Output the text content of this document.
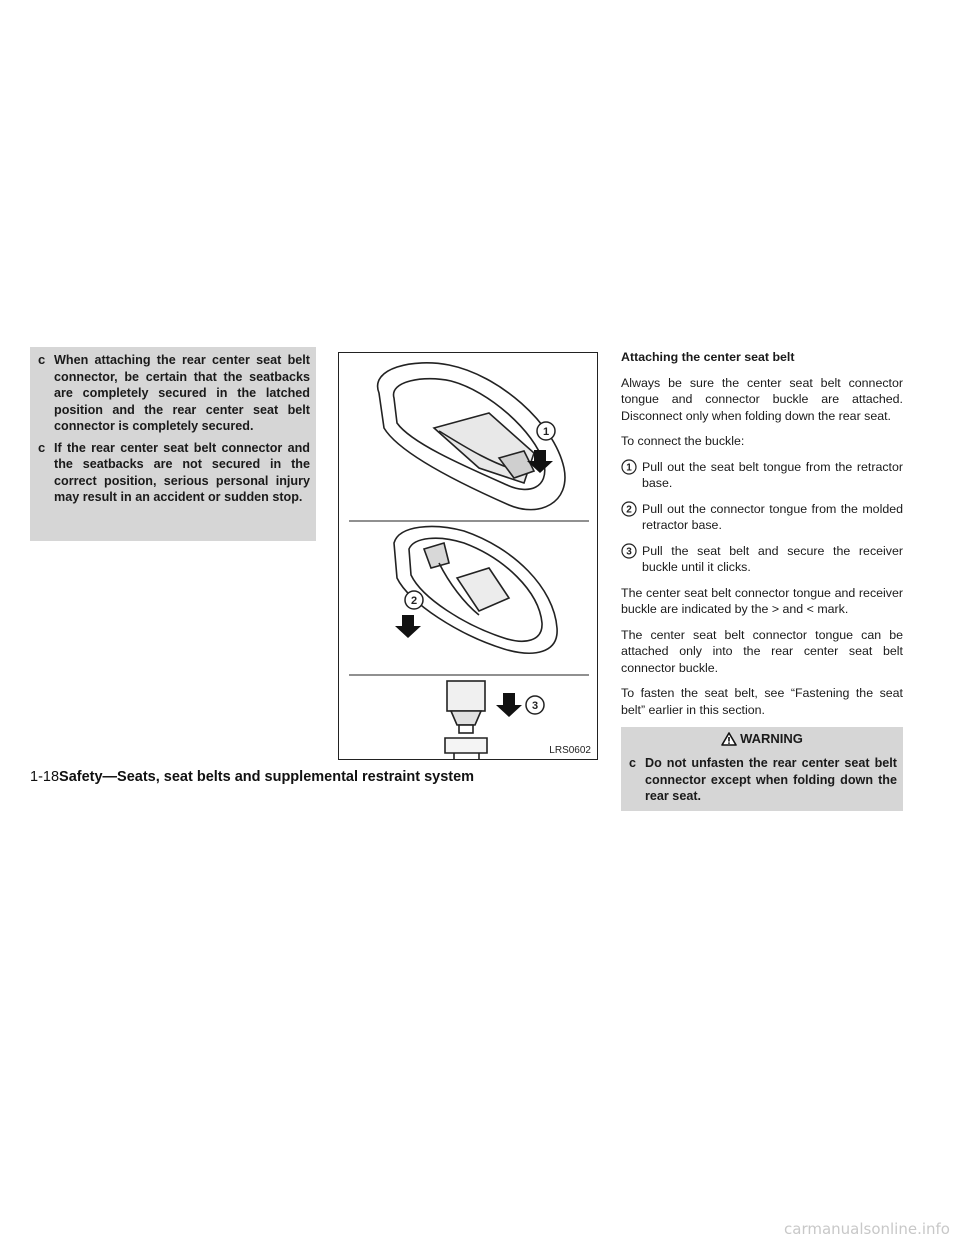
c When attaching the rear center seat belt connector, be certain that the seatbacks are completely secured in the latched position and the rear center seat belt connector is completely secured.
c If the rear center seat belt connector and the seatbacks are not secured in the correct position, serious personal injury may result in an accident or sudden stop.
1
2
3
LRS0602
Attaching the center seat belt
Always be sure the center seat belt connector tongue and connector buckle are attached. Disconnect only when folding down the rear seat.
To connect the buckle:
1 Pull out the seat belt tongue from the retractor base.
2 Pull out the connector tongue from the molded retractor base.
3 Pull the seat belt and secure the receiver buckle until it clicks.
The center seat belt connector tongue and receiver buckle are indicated by the > and < mark.
The center seat belt connector tongue can be attached only into the rear center seat belt connector buckle.
To fasten the seat belt, see “Fastening the seat belt” earlier in this section.
WARNING
c Do not unfasten the rear center seat belt connector except when folding down the rear seat.
1-18Safety—Seats, seat belts and supplemental restraint system
carmanualsonline.info
